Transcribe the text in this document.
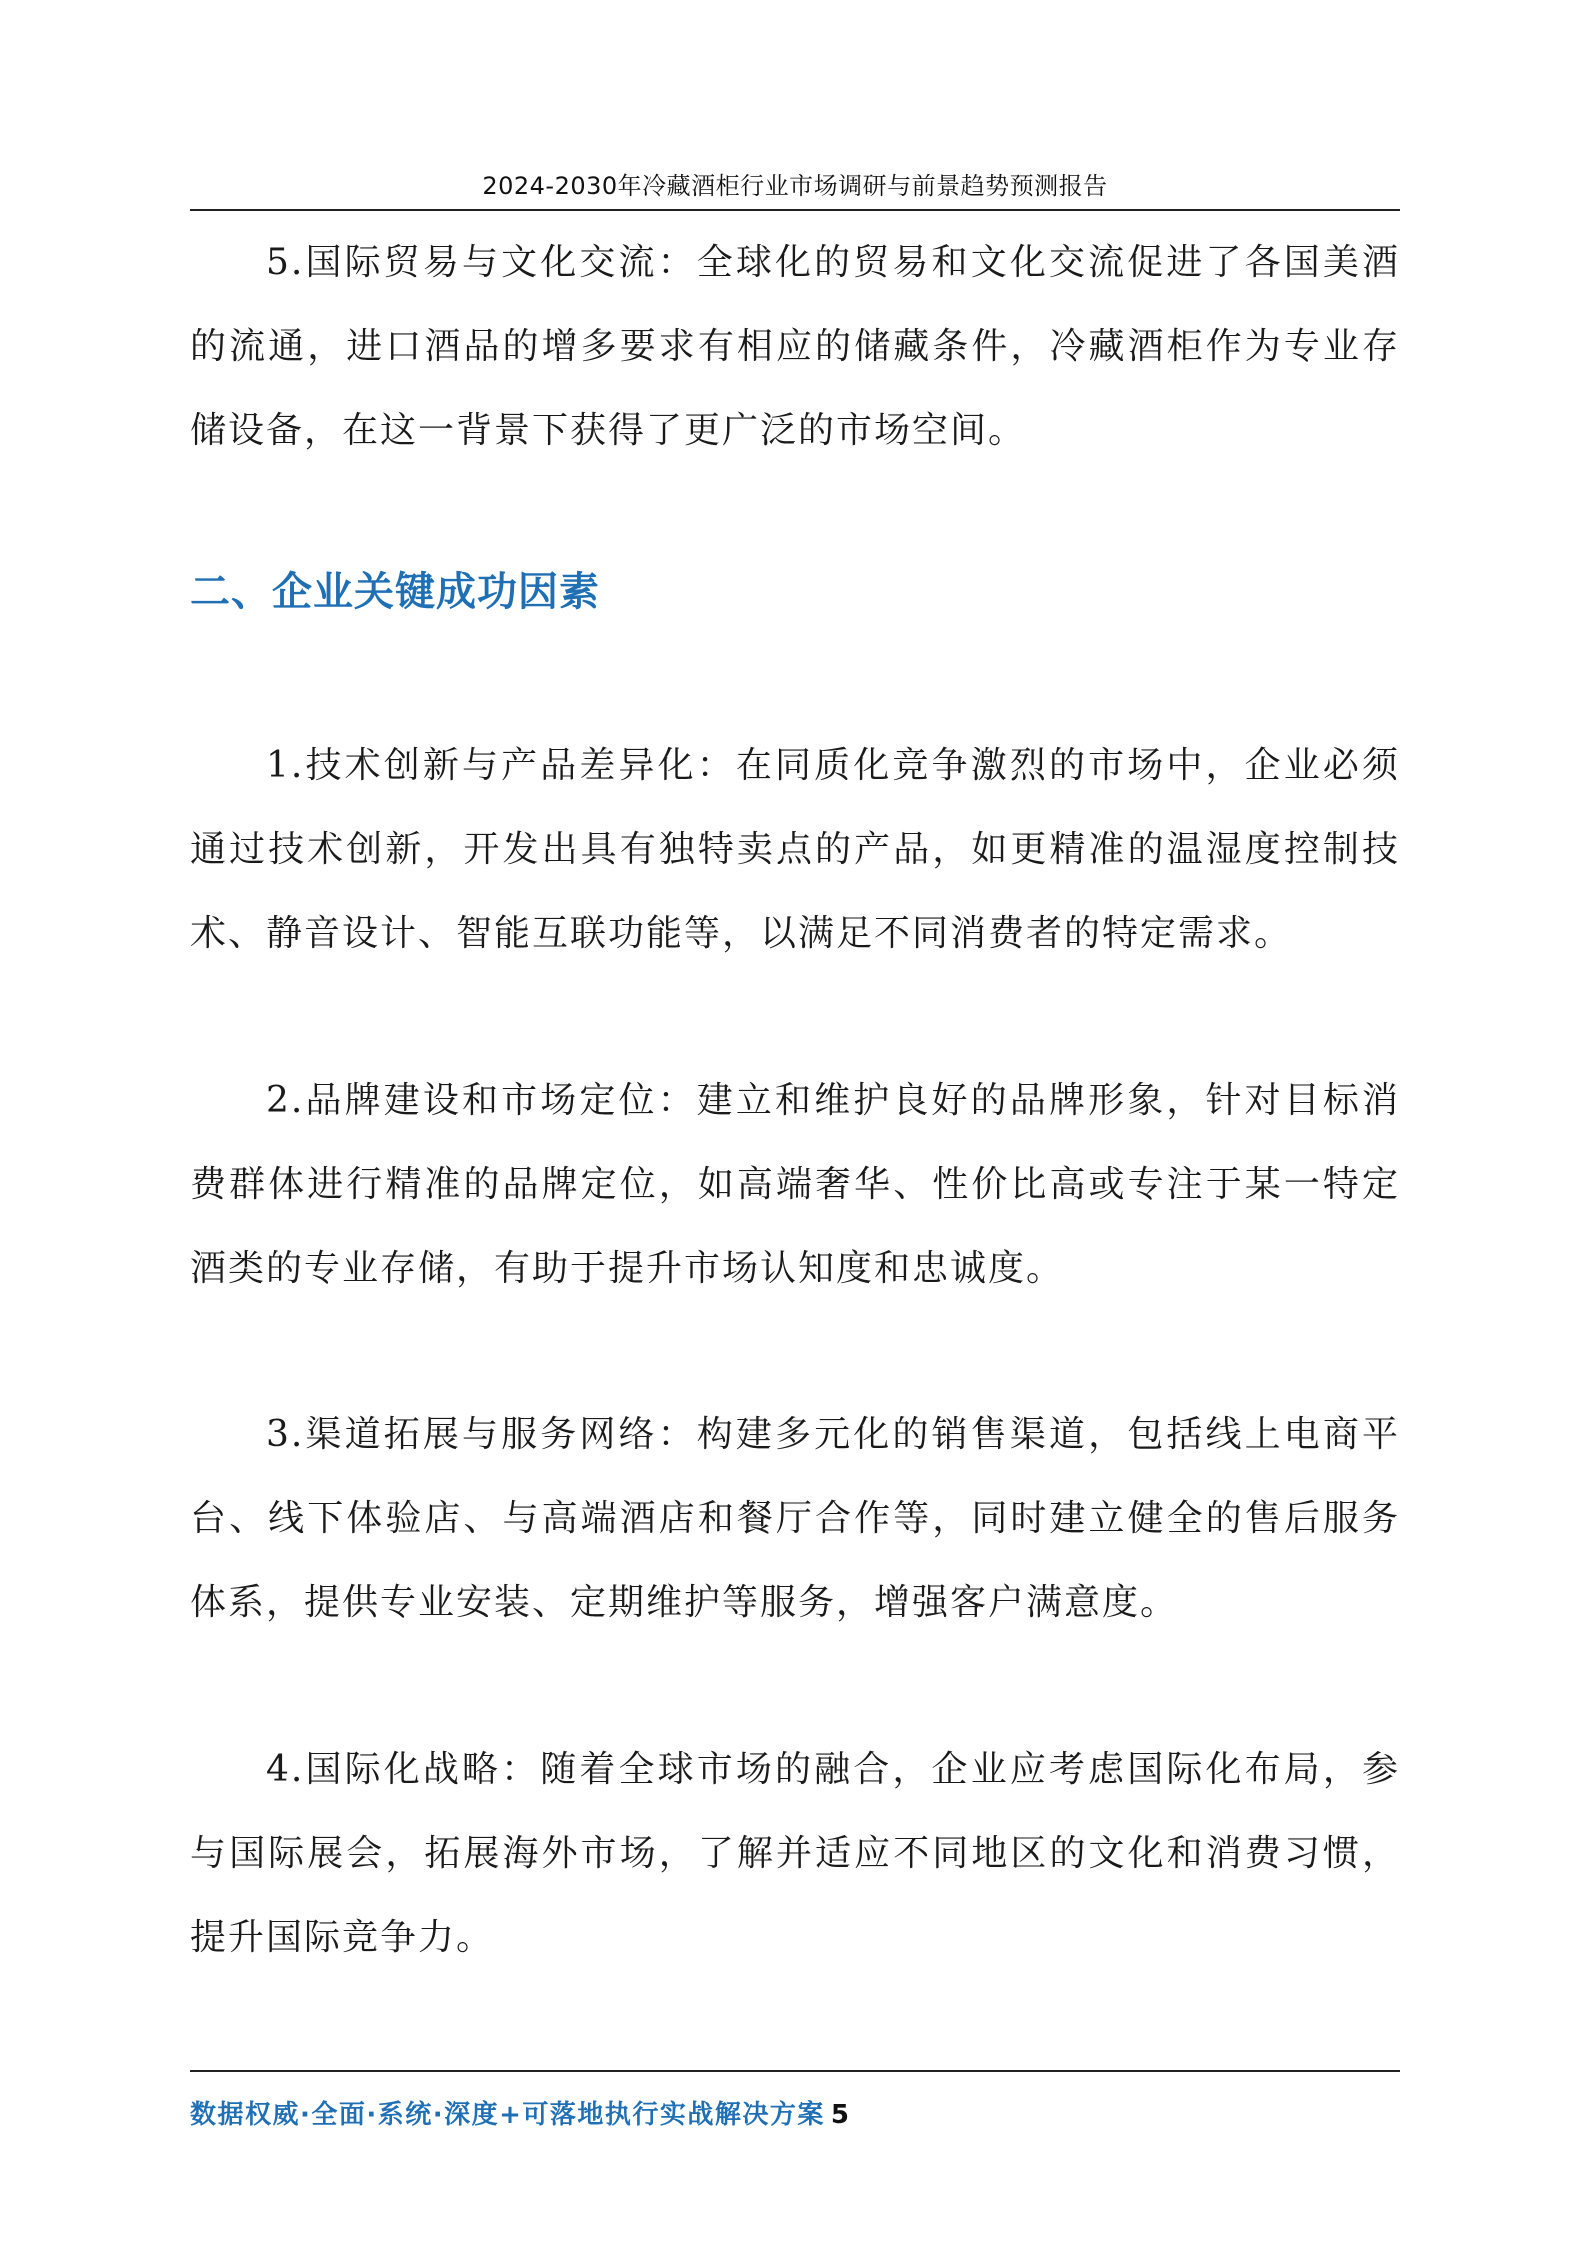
2024-2030年冷藏酒柜行业市场调研与前景趋势预测报告

5.国际贸易与文化交流：全球化的贸易和文化交流促进了各国美酒的流通，进口酒品的增多要求有相应的储藏条件，冷藏酒柜作为专业存储设备，在这一背景下获得了更广泛的市场空间。

二、企业关键成功因素

1.技术创新与产品差异化：在同质化竞争激烈的市场中，企业必须通过技术创新，开发出具有独特卖点的产品，如更精准的温湿度控制技术、静音设计、智能互联功能等，以满足不同消费者的特定需求。

2.品牌建设和市场定位：建立和维护良好的品牌形象，针对目标消费群体进行精准的品牌定位，如高端奢华、性价比高或专注于某一特定酒类的专业存储，有助于提升市场认知度和忠诚度。

3.渠道拓展与服务网络：构建多元化的销售渠道，包括线上电商平台、线下体验店、与高端酒店和餐厅合作等，同时建立健全的售后服务体系，提供专业安装、定期维护等服务，增强客户满意度。

4.国际化战略：随着全球市场的融合，企业应考虑国际化布局，参与国际展会，拓展海外市场，了解并适应不同地区的文化和消费习惯，提升国际竞争力。

数据权威·全面·系统·深度+可落地执行实战解决方案 5
